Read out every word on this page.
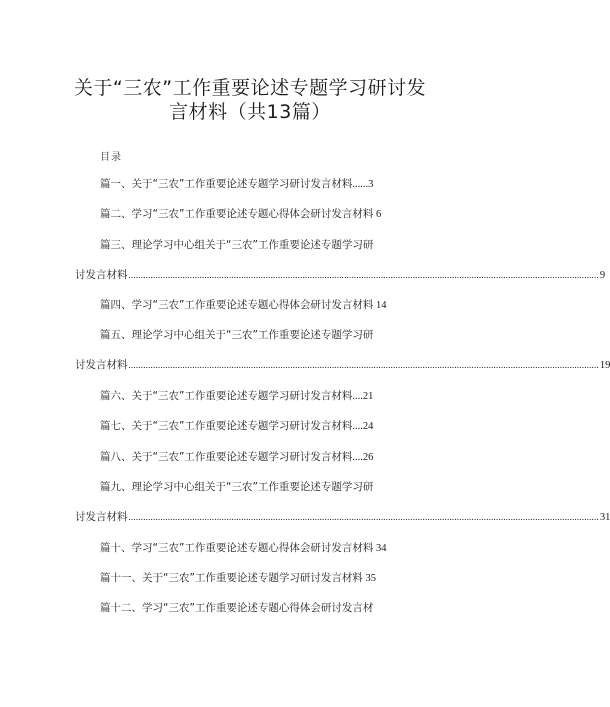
关于“三农”工作重要论述专题学习研讨发
言材料（共13篇）
目录
篇一、关于“三农”工作重要论述专题学习研讨发言材料......3
篇二、学习“三农”工作重要论述专题心得体会研讨发言材料 6
篇三、理论学习中心组关于“三农”工作重要论述专题学习研
讨发言材料 ................................................................................................................................................................................................ 9
篇四、学习“三农”工作重要论述专题心得体会研讨发言材料 14
篇五、理论学习中心组关于“三农”工作重要论述专题学习研
讨发言材料 ................................................................................................................................................................................................ 19
篇六、关于“三农”工作重要论述专题学习研讨发言材料....21
篇七、关于“三农”工作重要论述专题学习研讨发言材料....24
篇八、关于“三农”工作重要论述专题学习研讨发言材料....26
篇九、理论学习中心组关于“三农”工作重要论述专题学习研
讨发言材料 ................................................................................................................................................................................................ 31
篇十、学习“三农”工作重要论述专题心得体会研讨发言材料 34
篇十一、关于“三农”工作重要论述专题学习研讨发言材料 35
篇十二、学习“三农”工作重要论述专题心得体会研讨发言材
